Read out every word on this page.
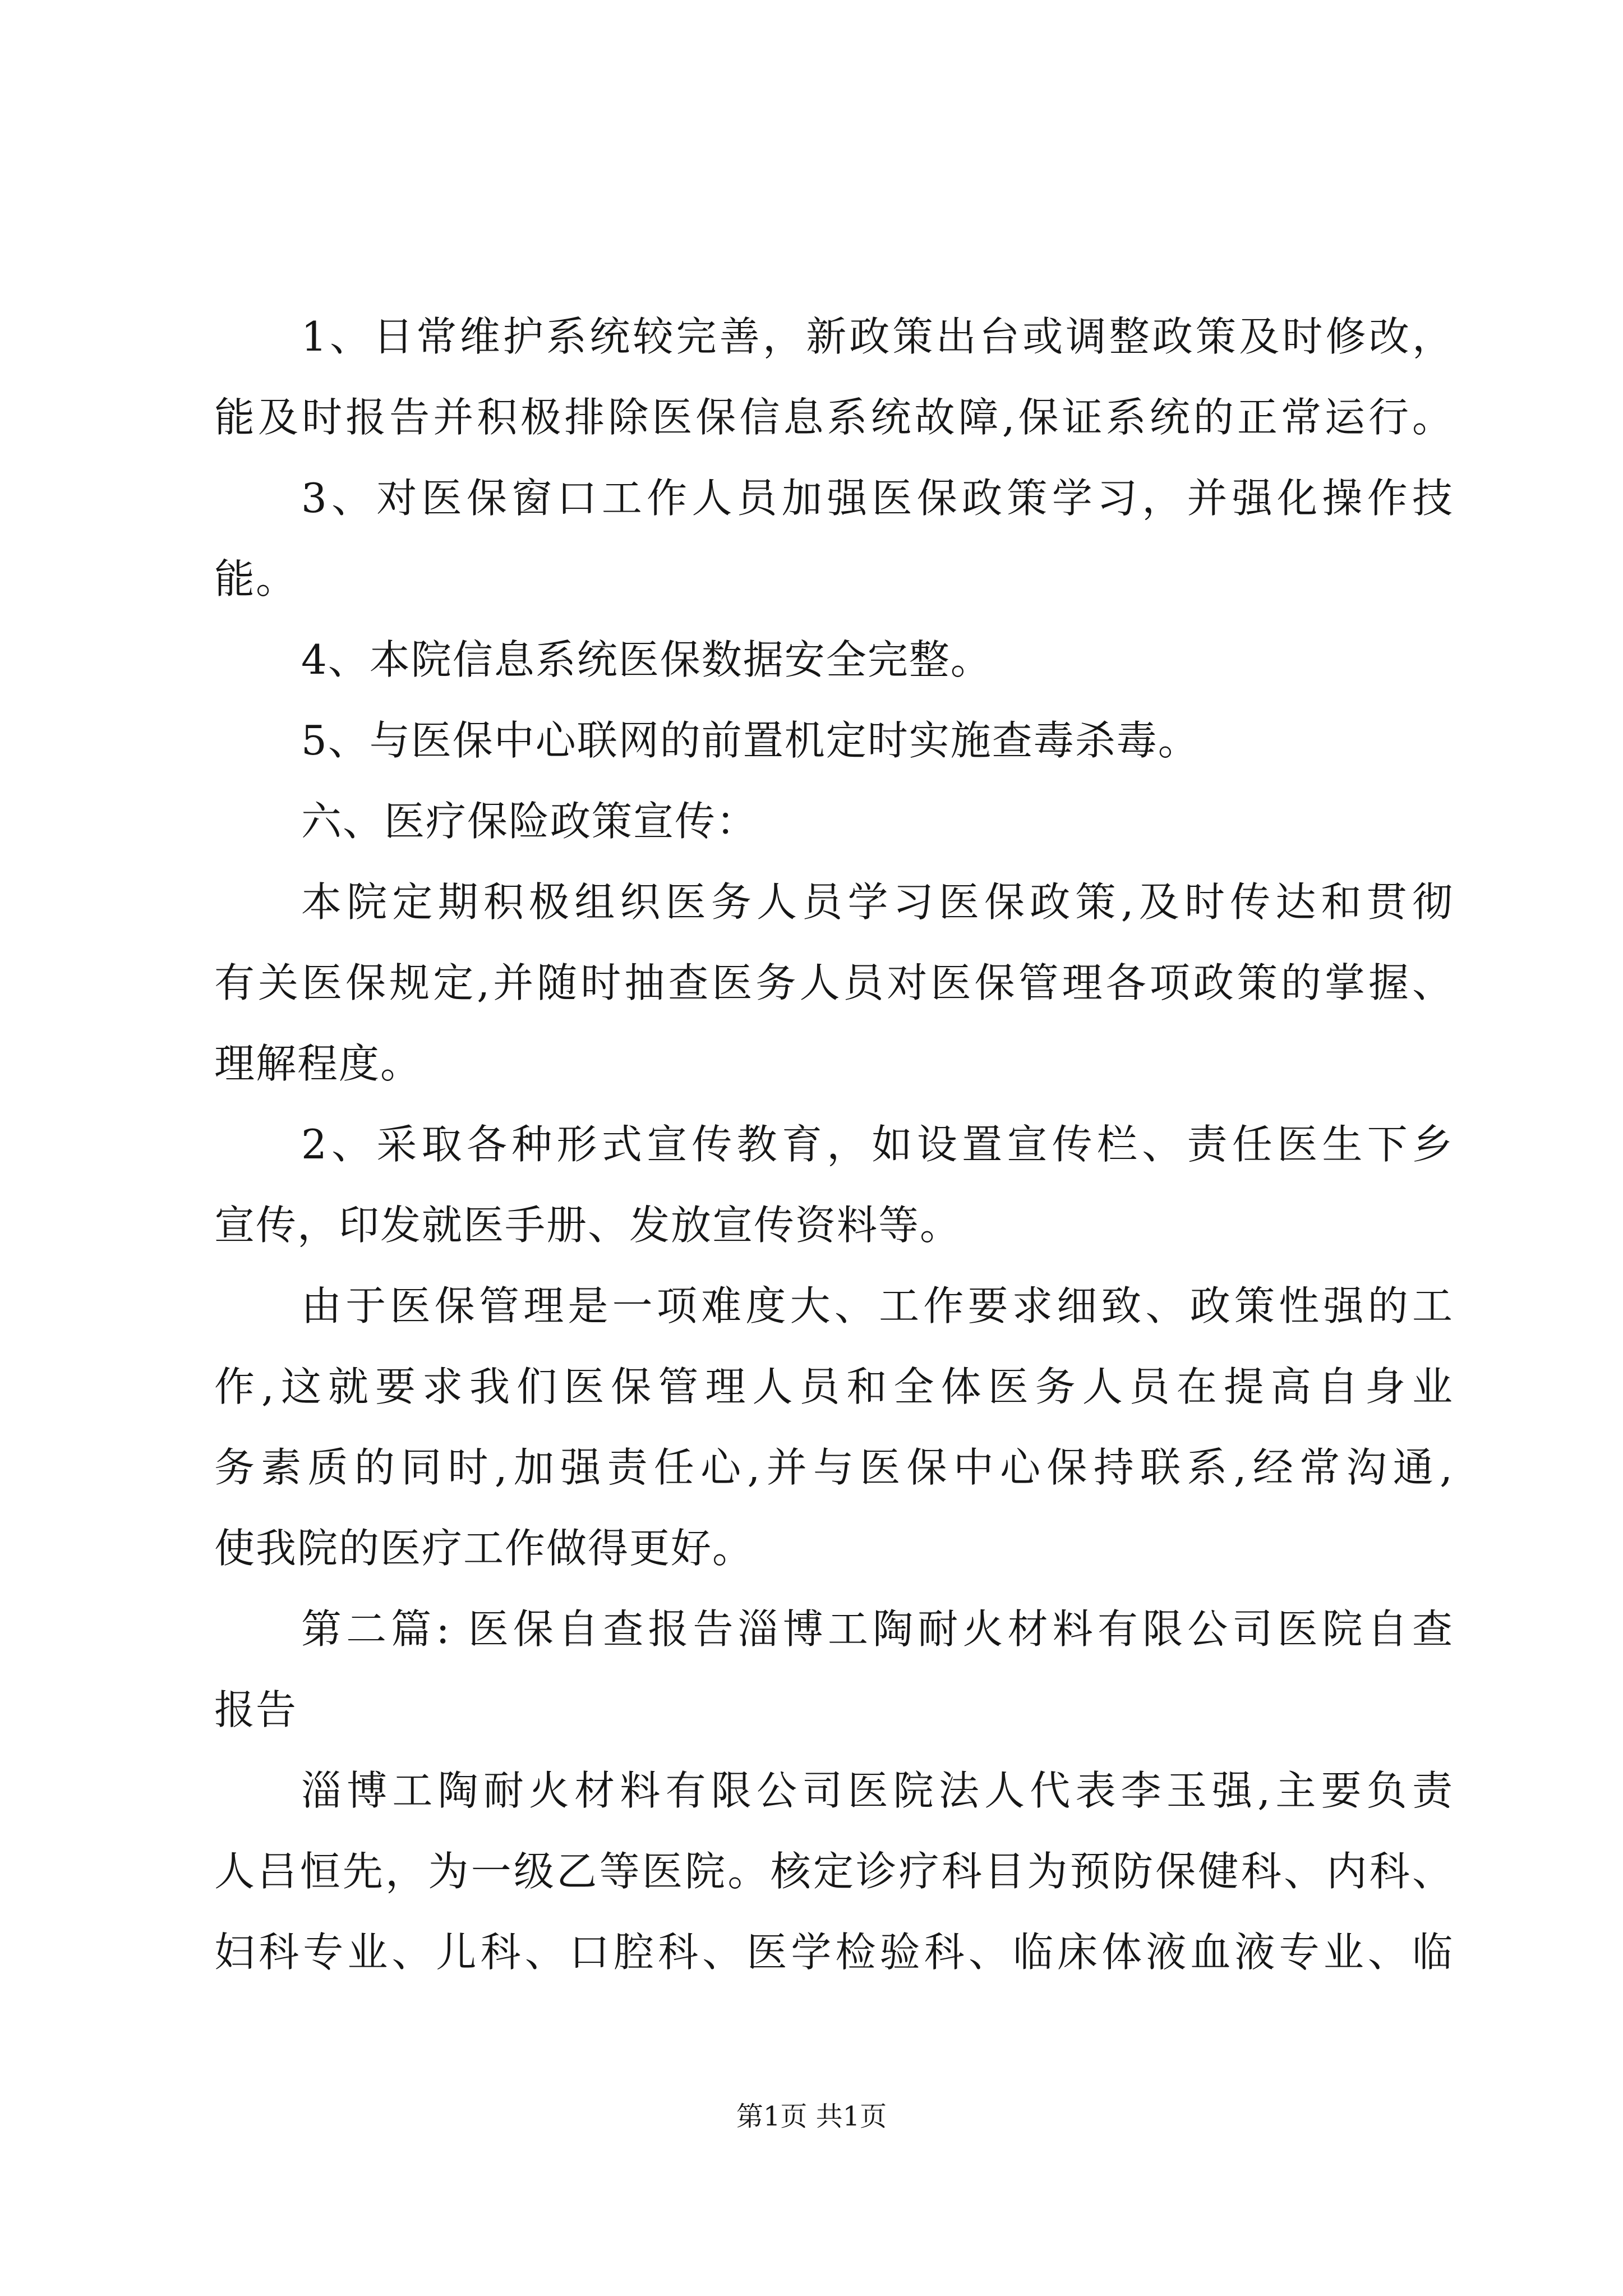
1、日常维护系统较完善，新政策出台或调整政策及时修改，
能及时报告并积极排除医保信息系统故障,保证系统的正常运行。
3、对医保窗口工作人员加强医保政策学习，并强化操作技
能。
4、本院信息系统医保数据安全完整。
5、与医保中心联网的前置机定时实施查毒杀毒。
六、医疗保险政策宣传：
本院定期积极组织医务人员学习医保政策,及时传达和贯彻
有关医保规定,并随时抽查医务人员对医保管理各项政策的掌握、
理解程度。
2、采取各种形式宣传教育，如设置宣传栏、责任医生下乡
宣传，印发就医手册、发放宣传资料等。
由于医保管理是一项难度大、工作要求细致、政策性强的工
作,这就要求我们医保管理人员和全体医务人员在提高自身业
务素质的同时,加强责任心,并与医保中心保持联系,经常沟通,
使我院的医疗工作做得更好。
第二篇: 医保自查报告淄博工陶耐火材料有限公司医院自查
报告
淄博工陶耐火材料有限公司医院法人代表李玉强,主要负责
人吕恒先，为一级乙等医院。核定诊疗科目为预防保健科、内科、
妇科专业、儿科、口腔科、医学检验科、临床体液血液专业、临
第1页 共1页
